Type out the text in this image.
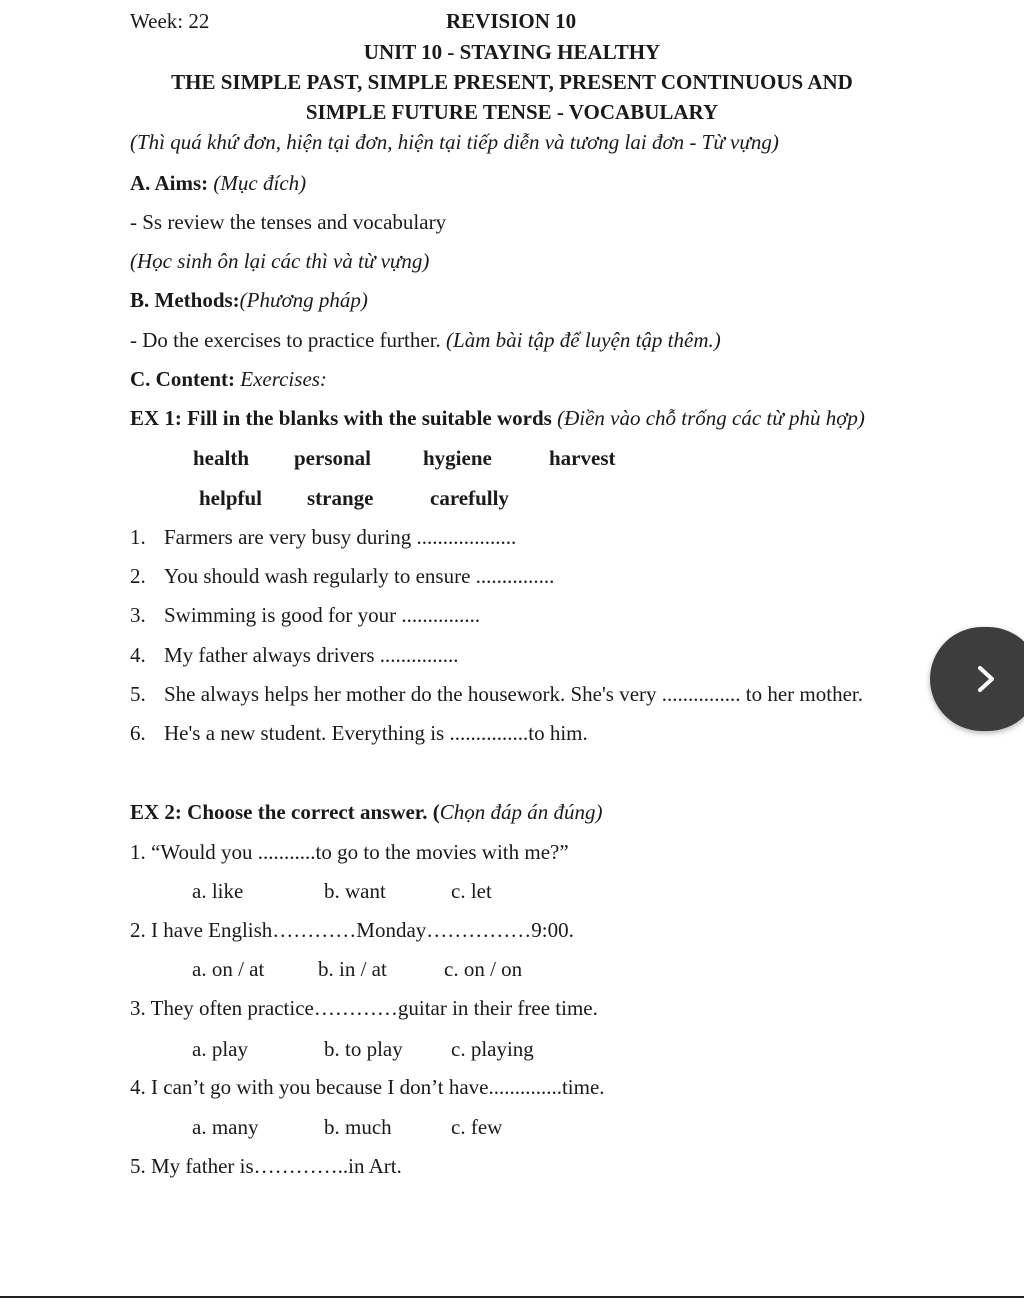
Week: 22	REVISION 10
UNIT 10 - STAYING HEALTHY
THE SIMPLE PAST, SIMPLE PRESENT, PRESENT CONTINUOUS AND
SIMPLE FUTURE TENSE - VOCABULARY
(Thì quá khứ đơn, hiện tại đơn, hiện tại tiếp diễn và tương lai đơn - Từ vựng)
A. Aims: (Mục đích)
- Ss review the tenses and vocabulary
(Học sinh ôn lại các thì và từ vựng)
B. Methods:(Phương pháp)
- Do the exercises to practice further. (Làm bài tập để luyện tập thêm.)
C. Content: Exercises:
EX 1: Fill in the blanks with the suitable words (Điền vào chỗ trống các từ phù hợp)
health personal hygiene	harvest
helpful strange	carefully
1. Farmers are very busy during ...................
2. You should wash regularly to ensure ...............
3. Swimming is good for your ...............
4. My father always drivers ...............
5. She always helps her mother do the housework. She's very ............... to her mother.
6. He's a new student. Everything is ...............to him.
EX 2: Choose the correct answer. (Chọn đáp án đúng)
1. “Would you ...........to go to the movies with me?”
a. like	b. want	c. let
2. I have English…………Monday……………9:00.
a. on / at	b. in / at	c. on / on
3. They often practice…………guitar in their free time.
a. play	b. to play c. playing
4. I can’t go with you because I don’t have..............time.
a. many	b. much	c. few
5. My father is…………..in Art.
